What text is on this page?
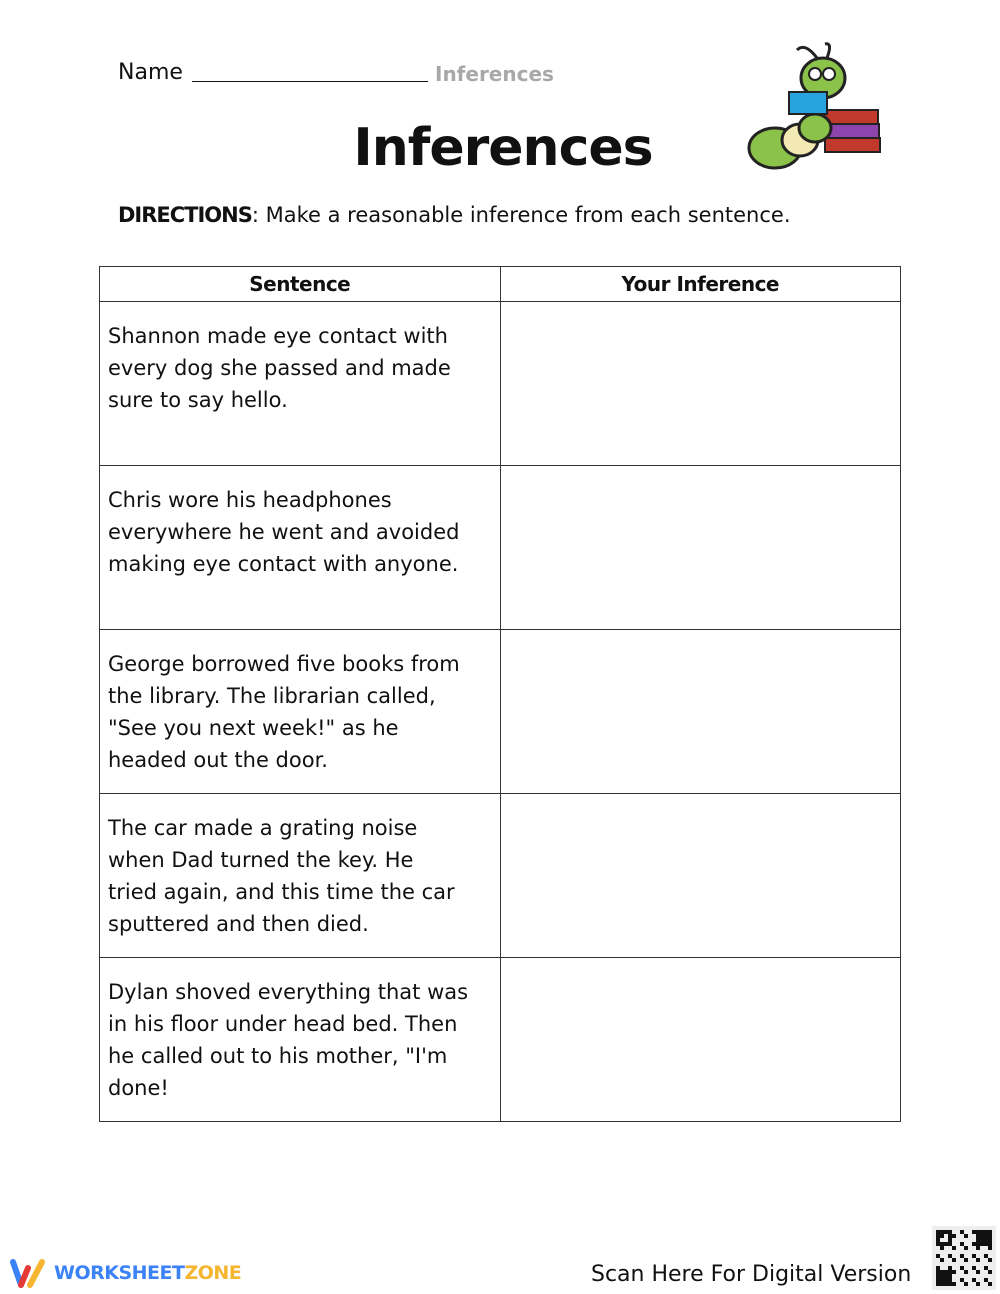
Name	Inferences
Inferences
DIRECTIONS: Make a reasonable inference from each sentence.
Sentence	Your Inference

Shannon made eye contact with
every dog she passed and made
sure to say hello.	

Chris wore his headphones
everywhere he went and avoided
making eye contact with anyone.	

George borrowed five books from
the library. The librarian called,
"See you next week!" as he
headed out the door.	

The car made a grating noise
when Dad turned the key. He
tried again, and this time the car
sputtered and then died.	

Dylan shoved everything that was
in his floor under head bed. Then
he called out to his mother, "I'm
done!	

WORKSHEETZONE	Scan Here For Digital Version
